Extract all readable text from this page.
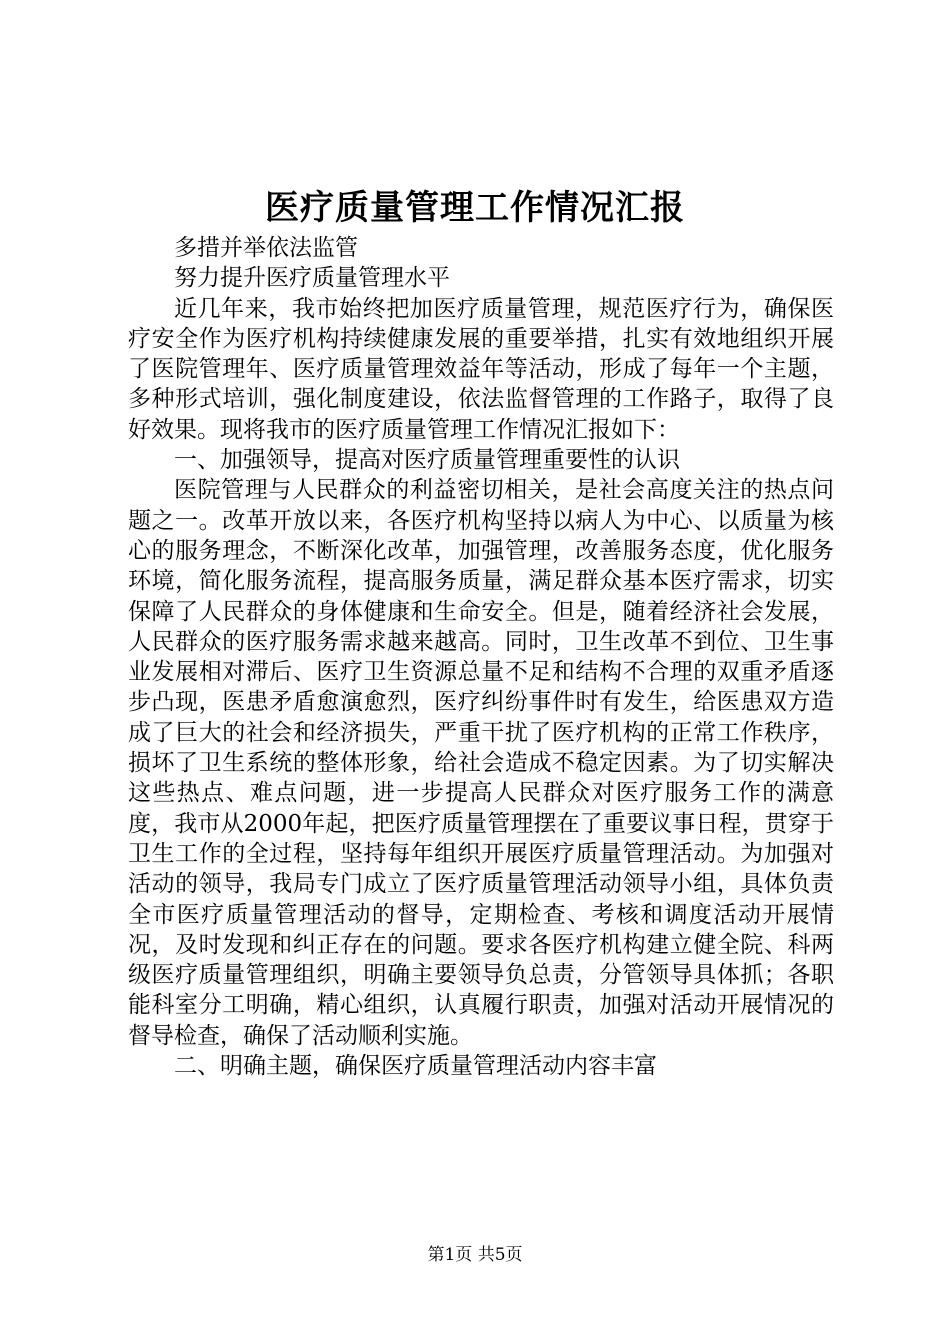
医疗质量管理工作情况汇报

多措并举依法监管

努力提升医疗质量管理水平

近几年来，我市始终把加医疗质量管理，规范医疗行为，确保医疗安全作为医疗机构持续健康发展的重要举措，扎实有效地组织开展了医院管理年、医疗质量管理效益年等活动，形成了每年一个主题，多种形式培训，强化制度建设，依法监督管理的工作路子，取得了良好效果。现将我市的医疗质量管理工作情况汇报如下：

一、加强领导，提高对医疗质量管理重要性的认识

医院管理与人民群众的利益密切相关，是社会高度关注的热点问题之一。改革开放以来，各医疗机构坚持以病人为中心、以质量为核心的服务理念，不断深化改革，加强管理，改善服务态度，优化服务环境，简化服务流程，提高服务质量，满足群众基本医疗需求，切实保障了人民群众的身体健康和生命安全。但是，随着经济社会发展，人民群众的医疗服务需求越来越高。同时，卫生改革不到位、卫生事业发展相对滞后、医疗卫生资源总量不足和结构不合理的双重矛盾逐步凸现，医患矛盾愈演愈烈，医疗纠纷事件时有发生，给医患双方造成了巨大的社会和经济损失，严重干扰了医疗机构的正常工作秩序，损坏了卫生系统的整体形象，给社会造成不稳定因素。为了切实解决这些热点、难点问题，进一步提高人民群众对医疗服务工作的满意度，我市从2000年起，把医疗质量管理摆在了重要议事日程，贯穿于卫生工作的全过程，坚持每年组织开展医疗质量管理活动。为加强对活动的领导，我局专门成立了医疗质量管理活动领导小组，具体负责全市医疗质量管理活动的督导，定期检查、考核和调度活动开展情况，及时发现和纠正存在的问题。要求各医疗机构建立健全院、科两级医疗质量管理组织，明确主要领导负总责，分管领导具体抓；各职能科室分工明确，精心组织，认真履行职责，加强对活动开展情况的督导检查，确保了活动顺利实施。

二、明确主题，确保医疗质量管理活动内容丰富

第1页 共5页
